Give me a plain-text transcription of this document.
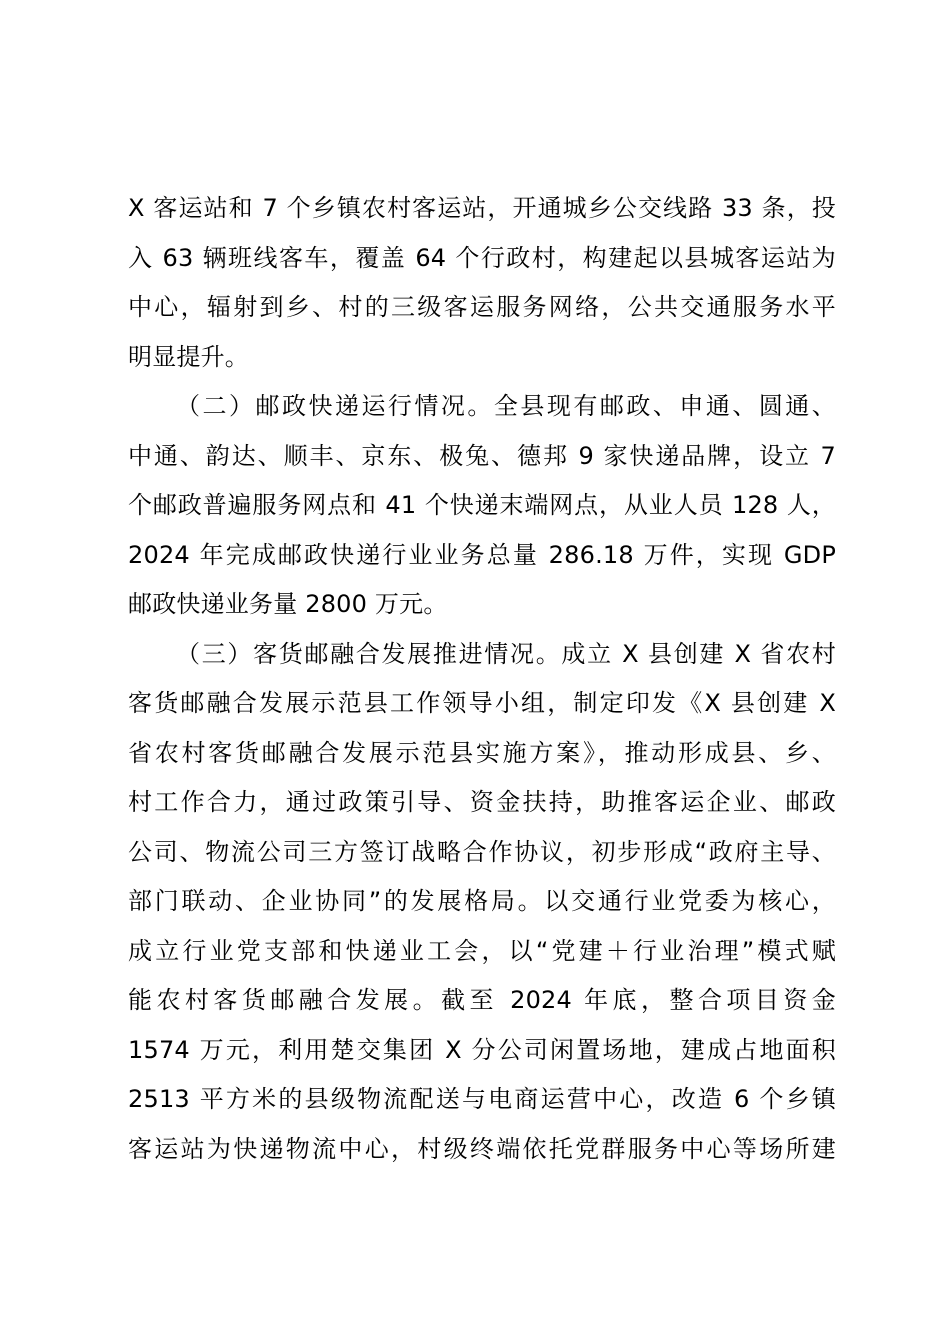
X 客运站和 7 个乡镇农村客运站，开通城乡公交线路 33 条，投
入 63 辆班线客车，覆盖 64 个行政村，构建起以县城客运站为
中心，辐射到乡、村的三级客运服务网络，公共交通服务水平
明显提升。
（二）邮政快递运行情况。全县现有邮政、申通、圆通、
中通、韵达、顺丰、京东、极兔、德邦 9 家快递品牌，设立 7
个邮政普遍服务网点和 41 个快递末端网点，从业人员 128 人，
2024 年完成邮政快递行业业务总量 286.18 万件，实现 GDP
邮政快递业务量 2800 万元。
（三）客货邮融合发展推进情况。成立 X 县创建 X 省农村
客货邮融合发展示范县工作领导小组，制定印发《X 县创建 X
省农村客货邮融合发展示范县实施方案》，推动形成县、乡、
村工作合力，通过政策引导、资金扶持，助推客运企业、邮政
公司、物流公司三方签订战略合作协议，初步形成“政府主导、
部门联动、企业协同”的发展格局。以交通行业党委为核心，
成立行业党支部和快递业工会，以“党建＋行业治理”模式赋
能农村客货邮融合发展。截至 2024 年底，整合项目资金
1574 万元，利用楚交集团 X 分公司闲置场地，建成占地面积
2513 平方米的县级物流配送与电商运营中心，改造 6 个乡镇
客运站为快递物流中心，村级终端依托党群服务中心等场所建
